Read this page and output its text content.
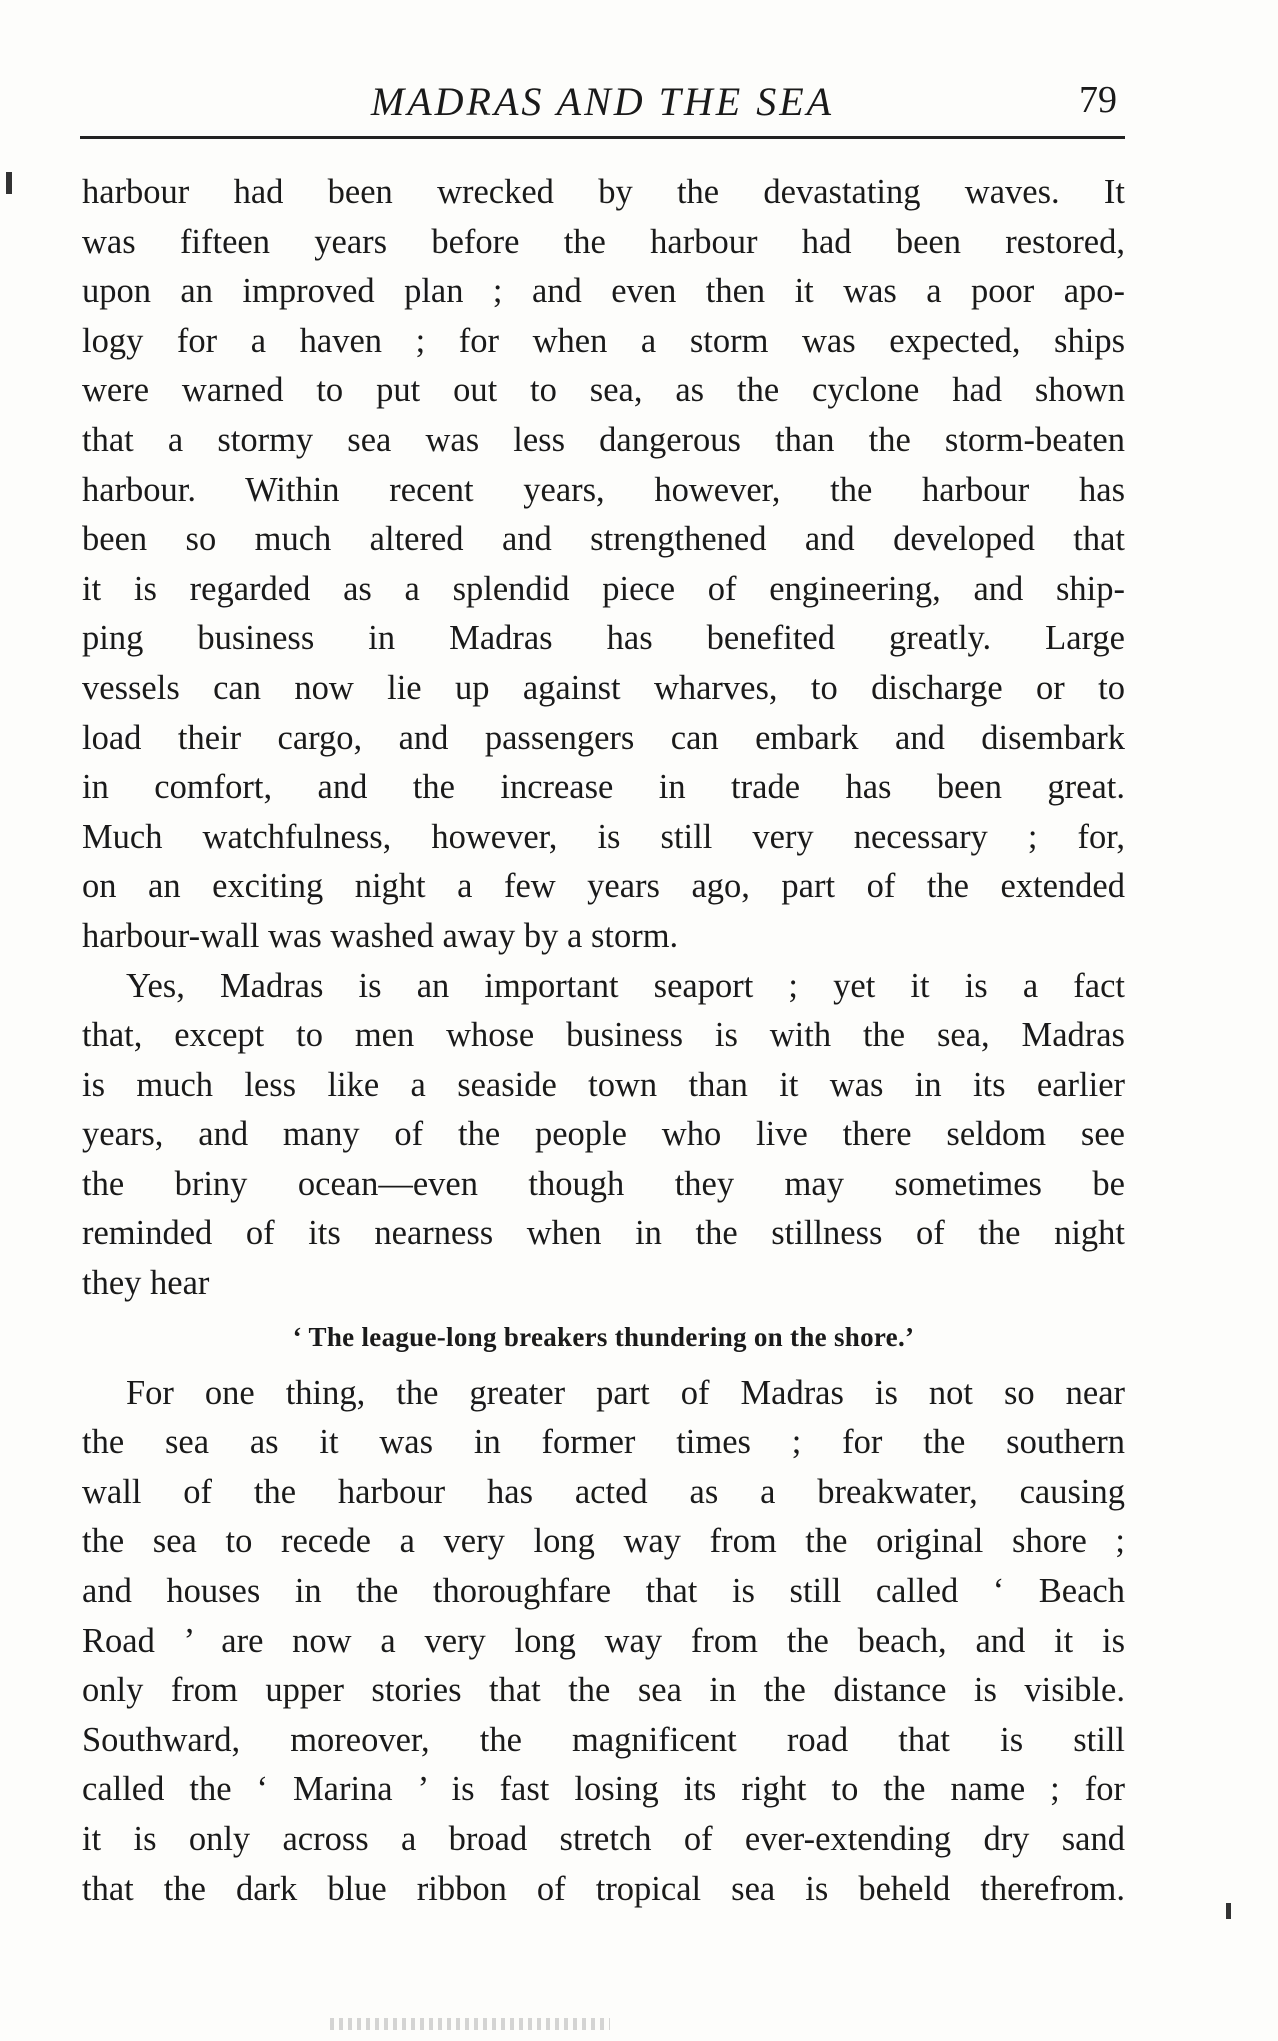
MADRAS AND THE SEA	79
harbour had been wrecked by the devastating waves. It
was fifteen years before the harbour had been restored,
upon an improved plan ; and even then it was a poor apo-
logy for a haven ; for when a storm was expected, ships
were warned to put out to sea, as the cyclone had shown
that a stormy sea was less dangerous than the storm-beaten
harbour. Within recent years, however, the harbour has
been so much altered and strengthened and developed that
it is regarded as a splendid piece of engineering, and ship-
ping business in Madras has benefited greatly. Large
vessels can now lie up against wharves, to discharge or to
load their cargo, and passengers can embark and disembark
in comfort, and the increase in trade has been great.
Much watchfulness, however, is still very necessary ; for,
on an exciting night a few years ago, part of the extended
harbour-wall was washed away by a storm.
Yes, Madras is an important seaport ; yet it is a fact
that, except to men whose business is with the sea, Madras
is much less like a seaside town than it was in its earlier
years, and many of the people who live there seldom see
the briny ocean—even though they may sometimes be
reminded of its nearness when in the stillness of the night
they hear
‘ The league-long breakers thundering on the shore.’
For one thing, the greater part of Madras is not so near
the sea as it was in former times ; for the southern
wall of the harbour has acted as a breakwater, causing
the sea to recede a very long way from the original shore ;
and houses in the thoroughfare that is still called ‘ Beach
Road ’ are now a very long way from the beach, and it is
only from upper stories that the sea in the distance is visible.
Southward, moreover, the magnificent road that is still
called the ‘ Marina ’ is fast losing its right to the name ; for
it is only across a broad stretch of ever-extending dry sand
that the dark blue ribbon of tropical sea is beheld therefrom.
